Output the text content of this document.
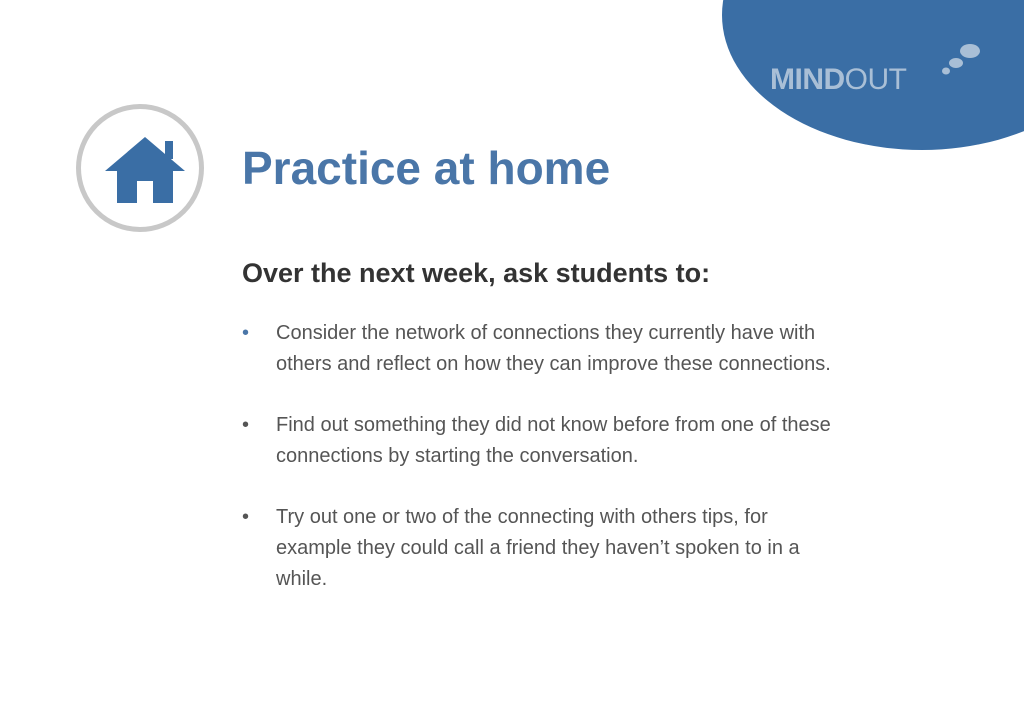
MIND OUT
Practice at home
Over the next week, ask students to:
• Consider the network of connections they currently have with others and reflect on how they can improve these connections.
• Find out something they did not know before from one of these connections by starting the conversation.
• Try out one or two of the connecting with others tips, for example they could call a friend they haven’t spoken to in a while.
